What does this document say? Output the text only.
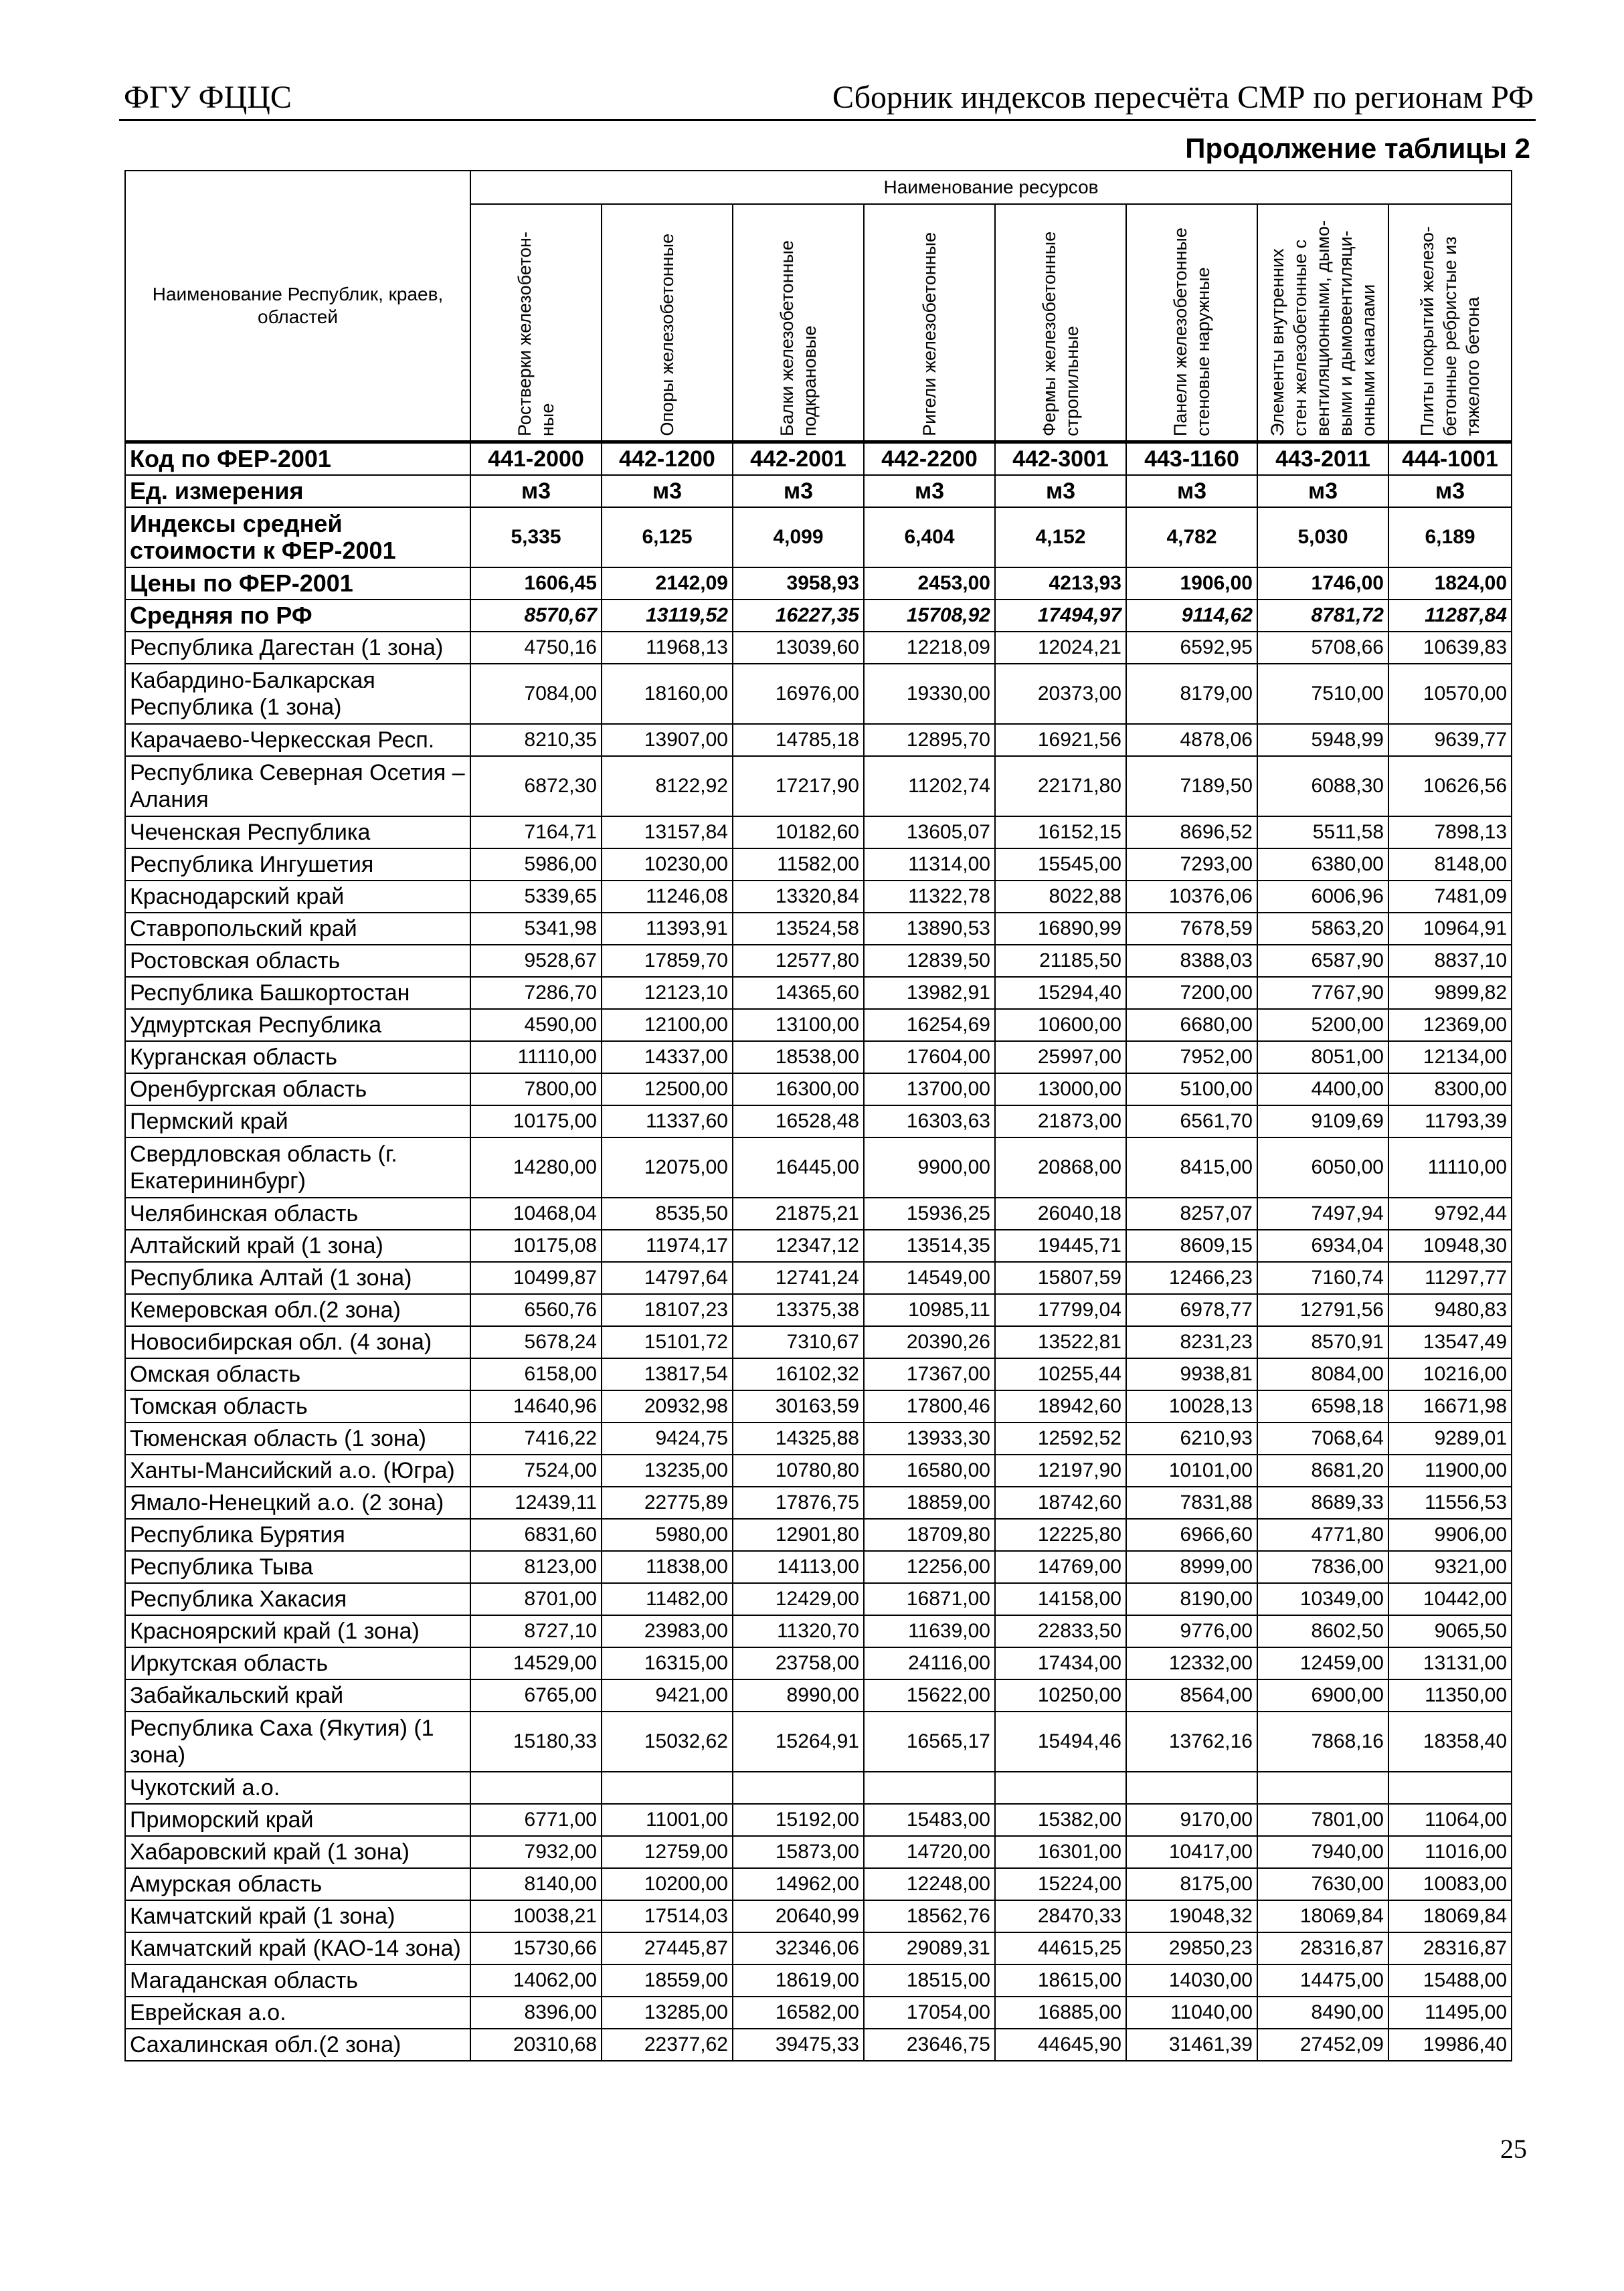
ФГУ ФЦЦС	Сборник индексов пересчёта СМР по регионам РФ
Продолжение таблицы 2
Наименование Республик, краев, областей	Наименование ресурсов							

	Ростверки железобетон-ные	Опоры железобетонные	Балки железобетонные подкрановые	Ригели железобетонные	Фермы железобетонные стропильные	Панели железобетонные стеновые наружные	Элементы внутренних стен железобетонные с вентиляционными, дымо-выми и дымовентиляци-онными каналами	Плиты покрытий железо-бетонные ребристые из тяжелого бетона

Код по ФЕР-2001	441-2000	442-1200	442-2001	442-2200	442-3001	443-1160	443-2011	444-1001
Ед. измерения	м3	м3	м3	м3	м3	м3	м3	м3
Индексы средней стоимости к ФЕР-2001	5,335	6,125	4,099	6,404	4,152	4,782	5,030	6,189
Цены по ФЕР-2001	1606,45	2142,09	3958,93	2453,00	4213,93	1906,00	1746,00	1824,00
Средняя по РФ	8570,67	13119,52	16227,35	15708,92	17494,97	9114,62	8781,72	11287,84
Республика Дагестан (1 зона)	4750,16	11968,13	13039,60	12218,09	12024,21	6592,95	5708,66	10639,83
Кабардино-Балкарская Республика (1 зона)	7084,00	18160,00	16976,00	19330,00	20373,00	8179,00	7510,00	10570,00
Карачаево-Черкесская Респ.	8210,35	13907,00	14785,18	12895,70	16921,56	4878,06	5948,99	9639,77
Республика Северная Осетия – Алания	6872,30	8122,92	17217,90	11202,74	22171,80	7189,50	6088,30	10626,56
Чеченская Республика	7164,71	13157,84	10182,60	13605,07	16152,15	8696,52	5511,58	7898,13
Республика Ингушетия	5986,00	10230,00	11582,00	11314,00	15545,00	7293,00	6380,00	8148,00
Краснодарский край	5339,65	11246,08	13320,84	11322,78	8022,88	10376,06	6006,96	7481,09
Ставропольский край	5341,98	11393,91	13524,58	13890,53	16890,99	7678,59	5863,20	10964,91
Ростовская область	9528,67	17859,70	12577,80	12839,50	21185,50	8388,03	6587,90	8837,10
Республика Башкортостан	7286,70	12123,10	14365,60	13982,91	15294,40	7200,00	7767,90	9899,82
Удмуртская Республика	4590,00	12100,00	13100,00	16254,69	10600,00	6680,00	5200,00	12369,00
Курганская область	11110,00	14337,00	18538,00	17604,00	25997,00	7952,00	8051,00	12134,00
Оренбургская область	7800,00	12500,00	16300,00	13700,00	13000,00	5100,00	4400,00	8300,00
Пермский край	10175,00	11337,60	16528,48	16303,63	21873,00	6561,70	9109,69	11793,39
Свердловская область (г. Екатерининбург)	14280,00	12075,00	16445,00	9900,00	20868,00	8415,00	6050,00	11110,00
Челябинская область	10468,04	8535,50	21875,21	15936,25	26040,18	8257,07	7497,94	9792,44
Алтайский край (1 зона)	10175,08	11974,17	12347,12	13514,35	19445,71	8609,15	6934,04	10948,30
Республика Алтай (1 зона)	10499,87	14797,64	12741,24	14549,00	15807,59	12466,23	7160,74	11297,77
Кемеровская обл.(2 зона)	6560,76	18107,23	13375,38	10985,11	17799,04	6978,77	12791,56	9480,83
Новосибирская обл. (4 зона)	5678,24	15101,72	7310,67	20390,26	13522,81	8231,23	8570,91	13547,49
Омская область	6158,00	13817,54	16102,32	17367,00	10255,44	9938,81	8084,00	10216,00
Томская область	14640,96	20932,98	30163,59	17800,46	18942,60	10028,13	6598,18	16671,98
Тюменская область (1 зона)	7416,22	9424,75	14325,88	13933,30	12592,52	6210,93	7068,64	9289,01
Ханты-Мансийский а.о. (Югра)	7524,00	13235,00	10780,80	16580,00	12197,90	10101,00	8681,20	11900,00
Ямало-Ненецкий а.о. (2 зона)	12439,11	22775,89	17876,75	18859,00	18742,60	7831,88	8689,33	11556,53
Республика Бурятия	6831,60	5980,00	12901,80	18709,80	12225,80	6966,60	4771,80	9906,00
Республика Тыва	8123,00	11838,00	14113,00	12256,00	14769,00	8999,00	7836,00	9321,00
Республика Хакасия	8701,00	11482,00	12429,00	16871,00	14158,00	8190,00	10349,00	10442,00
Красноярский край (1 зона)	8727,10	23983,00	11320,70	11639,00	22833,50	9776,00	8602,50	9065,50
Иркутская область	14529,00	16315,00	23758,00	24116,00	17434,00	12332,00	12459,00	13131,00
Забайкальский край	6765,00	9421,00	8990,00	15622,00	10250,00	8564,00	6900,00	11350,00
Республика Саха (Якутия) (1 зона)	15180,33	15032,62	15264,91	16565,17	15494,46	13762,16	7868,16	18358,40
Чукотский а.о.								
Приморский край	6771,00	11001,00	15192,00	15483,00	15382,00	9170,00	7801,00	11064,00
Хабаровский край (1 зона)	7932,00	12759,00	15873,00	14720,00	16301,00	10417,00	7940,00	11016,00
Амурская область	8140,00	10200,00	14962,00	12248,00	15224,00	8175,00	7630,00	10083,00
Камчатский край (1 зона)	10038,21	17514,03	20640,99	18562,76	28470,33	19048,32	18069,84	18069,84
Камчатский край (КАО-14 зона)	15730,66	27445,87	32346,06	29089,31	44615,25	29850,23	28316,87	28316,87
Магаданская область	14062,00	18559,00	18619,00	18515,00	18615,00	14030,00	14475,00	15488,00
Еврейская а.о.	8396,00	13285,00	16582,00	17054,00	16885,00	11040,00	8490,00	11495,00
Сахалинская обл.(2 зона)	20310,68	22377,62	39475,33	23646,75	44645,90	31461,39	27452,09	19986,40
25
